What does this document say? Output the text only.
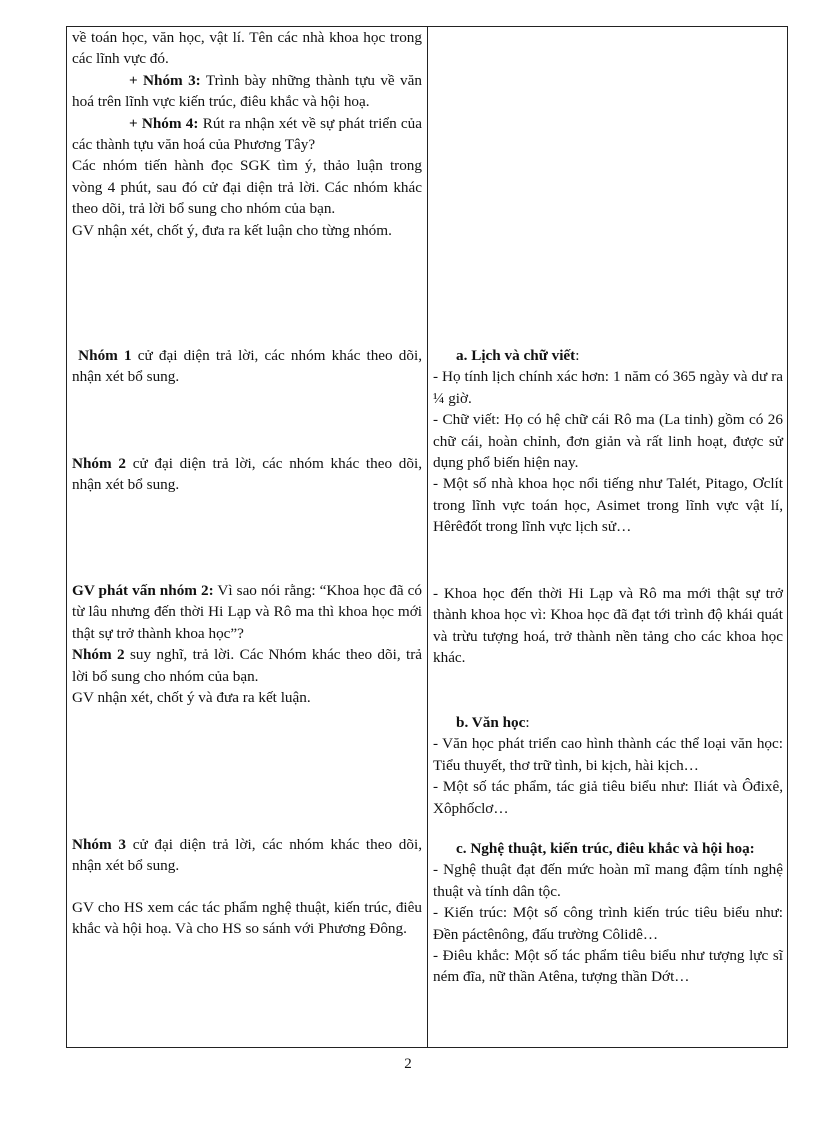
về toán học, văn học, vật lí. Tên các nhà khoa học trong các lĩnh vực đó.

+ Nhóm 3: Trình bày những thành tựu về văn hoá trên lĩnh vực kiến trúc, điêu khắc và hội hoạ.

+ Nhóm 4: Rút ra nhận xét về sự phát triển của các thành tựu văn hoá của Phương Tây?

Các nhóm tiến hành đọc SGK tìm ý, thảo luận trong vòng 4 phút, sau đó cử đại diện trả lời. Các nhóm khác theo dõi, trả lời bổ sung cho nhóm của bạn.

GV nhận xét, chốt ý, đưa ra kết luận cho từng nhóm.

Nhóm 1 cử đại diện trả lời, các nhóm khác theo dõi, nhận xét bổ sung.

Nhóm 2 cử đại diện trả lời, các nhóm khác theo dõi, nhận xét bổ sung.

GV phát vấn nhóm 2: Vì sao nói rằng: “Khoa học đã có từ lâu nhưng đến thời Hi Lạp và Rô ma thì khoa học mới thật sự trở thành khoa học”?

Nhóm 2 suy nghĩ, trả lời. Các Nhóm khác theo dõi, trả lời bổ sung cho nhóm của bạn.

GV nhận xét, chốt ý và đưa ra kết luận.

Nhóm 3 cử đại diện trả lời, các nhóm khác theo dõi, nhận xét bổ sung.

GV cho HS xem các tác phẩm nghệ thuật, kiến trúc, điêu khắc và hội hoạ. Và cho HS so sánh với Phương Đông.

a. Lịch và chữ viết:

- Họ tính lịch chính xác hơn: 1 năm có 365 ngày và dư ra ¼ giờ.

- Chữ viết: Họ có hệ chữ cái Rô ma (La tinh) gồm có 26 chữ cái, hoàn chỉnh, đơn giản và rất linh hoạt, được sử dụng phổ biến hiện nay.

- Một số nhà khoa học nổi tiếng như Talét, Pitago, Ơclít trong lĩnh vực toán học, Asimet trong lĩnh vực vật lí, Hêrêđốt trong lĩnh vực lịch sử…

- Khoa học đến thời Hi Lạp và Rô ma mới thật sự trở thành khoa học vì: Khoa học đã đạt tới trình độ khái quát và trừu tượng hoá, trở thành nền tảng cho các khoa học khác.

b. Văn học:

- Văn học phát triển cao hình thành các thể loại văn học: Tiểu thuyết, thơ trữ tình, bi kịch, hài kịch…

- Một số tác phẩm, tác giả tiêu biểu như: Iliát và Ôđixê, Xôphốclơ…

c. Nghệ thuật, kiến trúc, điêu khắc và hội hoạ:

- Nghệ thuật đạt đến mức hoàn mĩ mang đậm tính nghệ thuật và tính dân tộc.

- Kiến trúc: Một số công trình kiến trúc tiêu biểu như: Đền páctênông, đấu trường Côlidê…

- Điêu khắc: Một số tác phẩm tiêu biểu như tượng lực sĩ ném đĩa, nữ thần Atêna, tượng thần Dớt…

2
